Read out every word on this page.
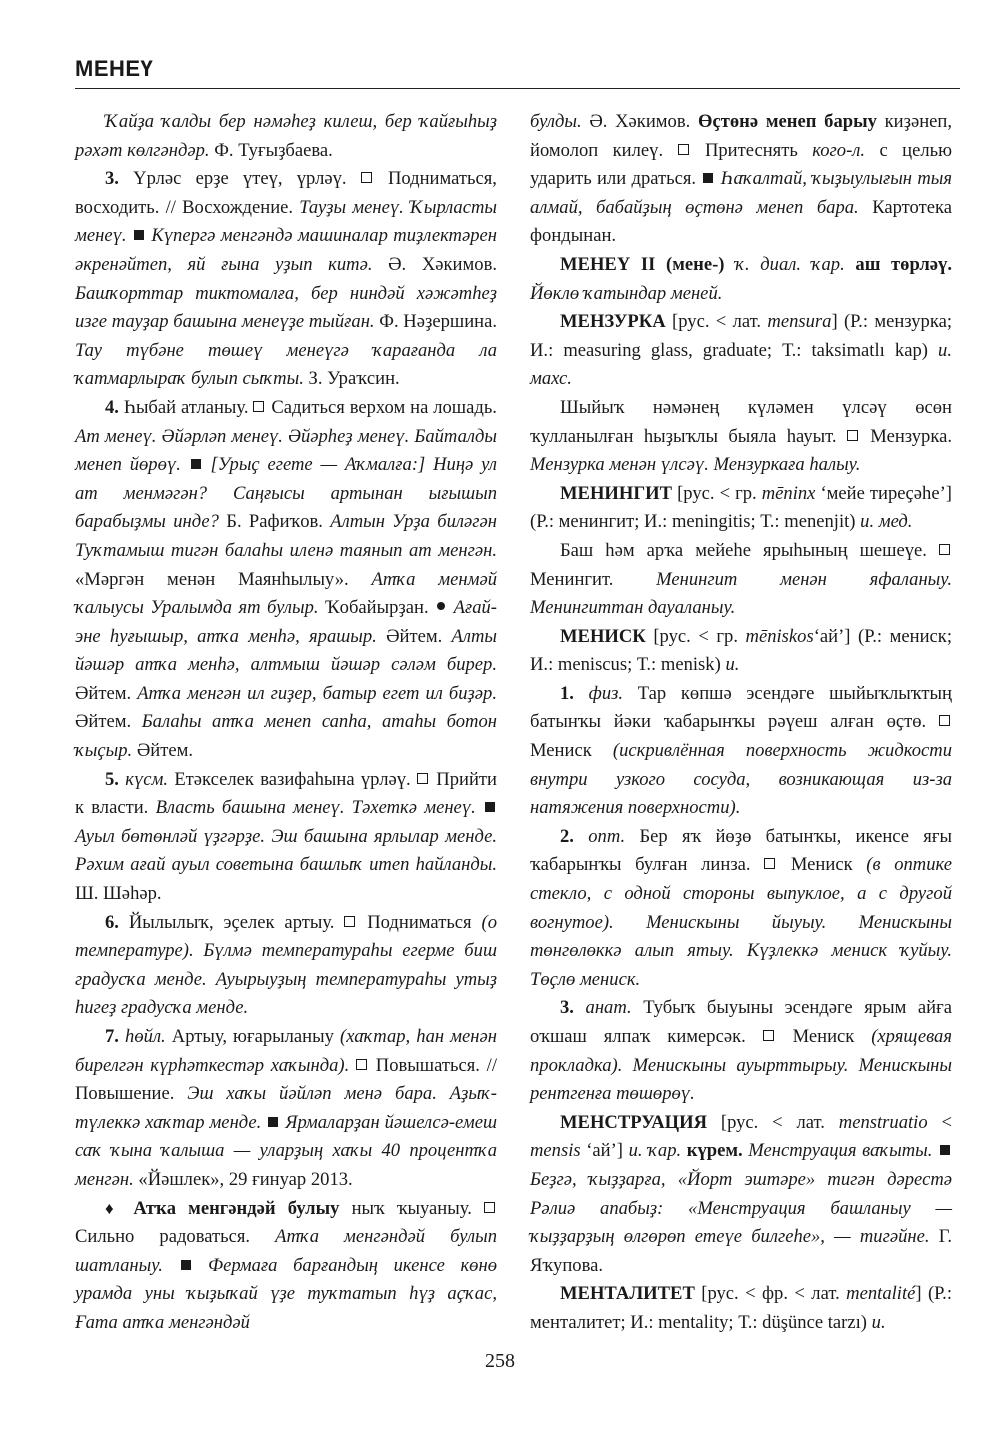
МЕНЕҮ

Ҡайҙа ҡалды бер нәмәһеҙ килеш, бер ҡайғыһыҙ рәхәт көлгәндәр. Ф. Туғыҙбаева.

3. Үрләс ерҙе үтеү, үрләү. Подниматься, восходить. // Восхождение. Тауҙы менеү. Ҡырласты менеү. Күпергә менгәндә машиналар тиҙлектәрен әкренәйтеп, яй ғына уҙып китә. Ә. Хәкимов. Башҡорттар тиктомалға, бер ниндәй хәжәтһеҙ изге тауҙар башына менеүҙе тыйған. Ф. Нәҙершина. Тау түбәне төшеү менеүгә ҡарағанда ла ҡатмарлыраҡ булып сыҡты. З. Ураҡсин.

4. Һыбай атланыу. Садиться верхом на лошадь. Ат менеү. Әйәрләп менеү. Әйәрһеҙ менеү. Байталды менеп йөрөү. [Урыҫ егете — Аҡмалға:] Ниңә ул ат менмәгән? Саңғысы артынан ығышып барабыҙмы инде? Б. Рафиҡов. Алтын Урҙа биләгән Туҡтамыш тигән балаһы иленә таянып ат менгән. «Мәргән менән Маянһылыу». Атҡа менмәй ҡалыусы Уралымда ят булыр. Ҡобайырҙан. Ағай-эне һуғышыр, атҡа менһә, ярашыр. Әйтем. Алты йәшәр атҡа менһә, алтмыш йәшәр сәләм бирер. Әйтем. Атҡа менгән ил гиҙер, батыр егет ил биҙәр. Әйтем. Балаһы атҡа менеп сапһа, атаһы ботон ҡыҫыр. Әйтем.

5. күсм. Етәкселек вазифаһына үрләү. Прийти к власти. Власть башына менеү. Тәхеткә менеү.  Ауыл бөтөнләй үҙгәрҙе. Эш башына ярлылар менде. Рәхим ағай ауыл советына башлыҡ итеп һайланды. Ш. Шәһәр.

6. Йылылыҡ, эҫелек артыу. Подниматься (о температуре). Бүлмә температураһы егерме биш градусҡа менде. Ауырыуҙың температураһы утыҙ һигеҙ градусҡа менде.

7. һөйл. Артыу, юғарыланыу (хаҡтар, һан менән бирелгән күрһәткестәр хаҡында). Повышаться. // Повышение. Эш хаҡы йәйләп менә бара. Аҙыҡ-түлеккә хаҡтар менде. Ярмаларҙан йәшелсә-емеш саҡ ҡына ҡалыша — уларҙың хаҡы 40 процентҡа менгән. «Йәшлек», 29 ғинуар 2013.

♦ Атҡа менгәндәй булыу ныҡ ҡыуаныу.  Сильно радоваться. Атҡа менгәндәй булып шатланыу. Фермаға барғандың икенсе көнө урамда уны ҡыҙыҡай үҙе туҡтатып һүҙ аҫҡас, Ғата атҡа менгәндәй

булды. Ә. Хәкимов. Өҫтөнә менеп барыу киҙәнеп, йомолоп килеү. Притеснять кого-л. с целью ударить или драться. Һаҡалтай, ҡыҙыулығын тыя алмай, бабайҙың өҫтөнә менеп бара. Картотека фондынан.

МЕНЕҮ II (мене-) ҡ. диал. ҡар. аш төрләү. Йөклө ҡатындар меней.

МЕНЗУРКА [рус. < лат. mensura] (Р.: мензурка; И.: measuring glass, graduate; Т.: taksimatlı kap) и. махс.

Шыйыҡ нәмәнең күләмен үлсәү өсөн ҡулланылған һыҙыҡлы быяла һауыт. Мензурка. Мензурка менән үлсәү. Мензуркаға һалыу.

МЕНИНГИТ [рус. < гр. mēninx ‘мейе тиреҫәһе’] (Р.: менингит; И.: meningitis; Т.: menenjit) и. мед.

Баш һәм арҡа мейеһе ярыһының шешеүе.  Менингит. Менингит менән яфаланыу. Менингиттан дауаланыу.

МЕНИСК [рус. < гр. mēniskos‘ай’] (Р.: мениск; И.: meniscus; Т.: menisk) и.

1. физ. Тар көпшә эсендәге шыйыҡлыҡтың батынҡы йәки ҡабарынҡы рәүеш алған өҫтө.  Мениск (искривлённая поверхность жидкости внутри узкого сосуда, возникающая из-за натяжения поверхности).

2. опт. Бер яҡ йөҙө батынҡы, икенсе яғы ҡабарынҡы булған линза. Мениск (в оптике стекло, с одной стороны выпуклое, а с другой вогнутое). Менискыны йыуыу. Менискыны төнгөлөккә алып ятыу. Күҙлеккә мениск ҡуйыу. Төҫлө мениск.

3. анат. Тубыҡ быуыны эсендәге ярым айға оҡшаш ялпаҡ кимерсәк.	Мениск (хрящевая прокладка). Менискыны ауырттырыу. Менискыны рентгенға төшөрөү.

МЕНСТРУАЦИЯ [рус. < лат. menstruatio < mensis ‘ай’] и. ҡар. күрем. Менструация ваҡыты.  Беҙгә, ҡыҙҙарға, «Йорт эштәре» тигән дәрестә Рәлиә апабыҙ: «Менструация башланыу — ҡыҙҙарҙың өлгөрөп етеүе билгеһе», — тигәйне. Г. Яҡупова.

МЕНТАЛИТЕТ [рус. < фр. < лат. mentalité] (Р.: менталитет; И.: mentality; Т.: düşünce tarzı) и.

258
